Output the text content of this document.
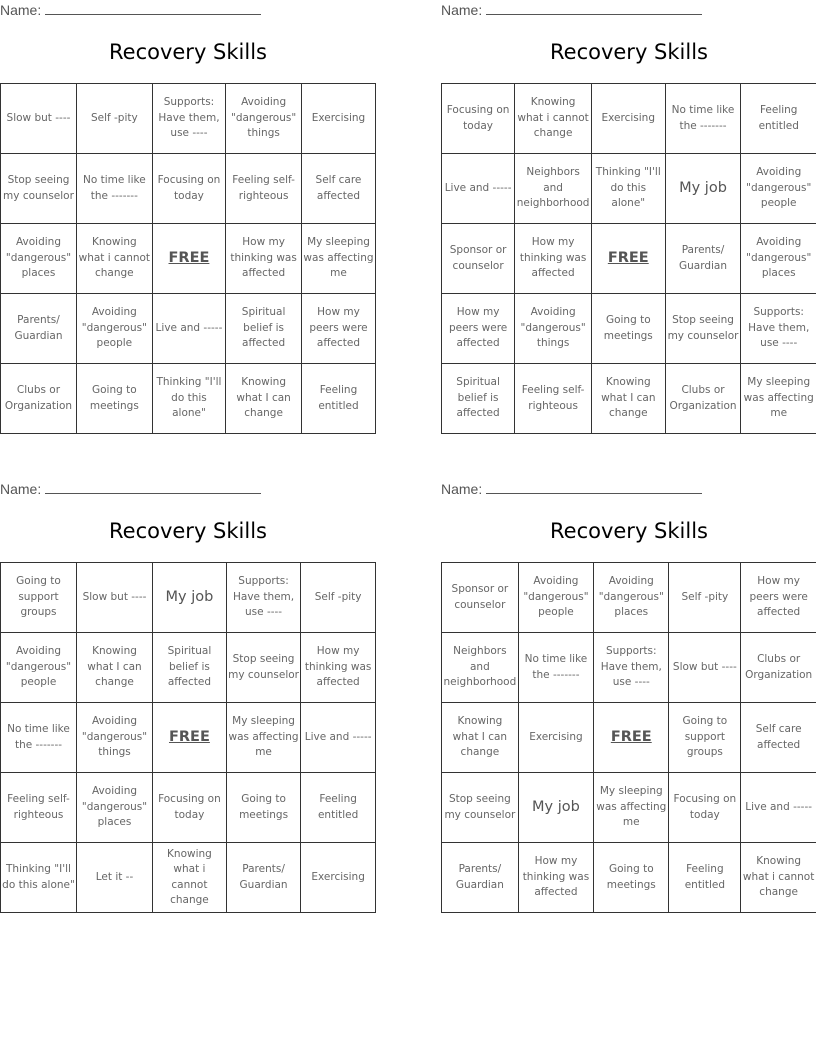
Name:
Recovery Skills
Slow but ----	Self -pity	Supports: Have them, use ----	Avoiding "dangerous" things	Exercising
Stop seeing my counselor	No time like the -------	Focusing on today	Feeling self-righteous	Self care affected
Avoiding "dangerous" places	Knowing what i cannot change	FREE	How my thinking was affected	My sleeping was affecting me
Parents/ Guardian	Avoiding "dangerous" people	Live and -----	Spiritual belief is affected	How my peers were affected
Clubs or Organization	Going to meetings	Thinking "I'll do this alone"	Knowing what I can change	Feeling entitled
Name:
Recovery Skills
Focusing on today	Knowing what i cannot change	Exercising	No time like the -------	Feeling entitled
Live and -----	Neighbors and neighborhood	Thinking "I'll do this alone"	My job	Avoiding "dangerous" people
Sponsor or counselor	How my thinking was affected	FREE	Parents/ Guardian	Avoiding "dangerous" places
How my peers were affected	Avoiding "dangerous" things	Going to meetings	Stop seeing my counselor	Supports: Have them, use ----
Spiritual belief is affected	Feeling self-righteous	Knowing what I can change	Clubs or Organization	My sleeping was affecting me
Name:
Recovery Skills
Going to support groups	Slow but ----	My job	Supports: Have them, use ----	Self -pity
Avoiding "dangerous" people	Knowing what I can change	Spiritual belief is affected	Stop seeing my counselor	How my thinking was affected
No time like the -------	Avoiding "dangerous" things	FREE	My sleeping was affecting me	Live and -----
Feeling self-righteous	Avoiding "dangerous" places	Focusing on today	Going to meetings	Feeling entitled
Thinking "I'll do this alone"	Let it --	Knowing what i cannot change	Parents/ Guardian	Exercising
Name:
Recovery Skills
Sponsor or counselor	Avoiding "dangerous" people	Avoiding "dangerous" places	Self -pity	How my peers were affected
Neighbors and neighborhood	No time like the -------	Supports: Have them, use ----	Slow but ----	Clubs or Organization
Knowing what I can change	Exercising	FREE	Going to support groups	Self care affected
Stop seeing my counselor	My job	My sleeping was affecting me	Focusing on today	Live and -----
Parents/ Guardian	How my thinking was affected	Going to meetings	Feeling entitled	Knowing what i cannot change
